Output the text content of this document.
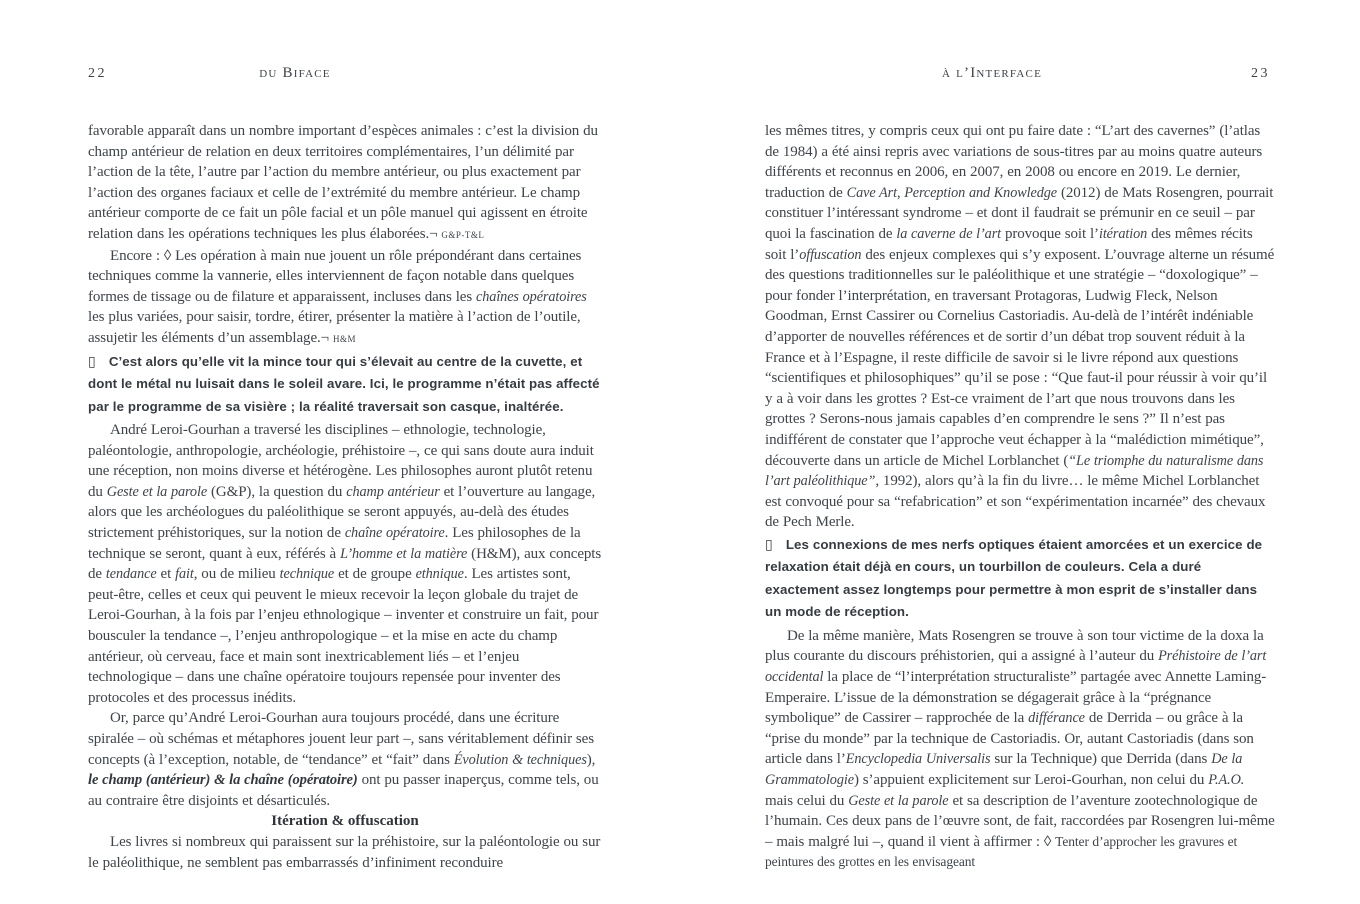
22	du Biface	à l’Interface	23

favorable apparaît dans un nombre important d’espèces animales : c’est la division du champ antérieur de relation en deux territoires complémentaires, l’un délimité par l’action de la tête, l’autre par l’action du membre antérieur, ou plus exactement par l’action des organes faciaux et celle de l’extrémité du membre antérieur. Le champ antérieur comporte de ce fait un pôle facial et un pôle manuel qui agissent en étroite relation dans les opérations techniques les plus élaborées.¬ G&P-T&L

Encore : ◊ Les opération à main nue jouent un rôle prépondérant dans certaines techniques comme la vannerie, elles interviennent de façon notable dans quelques formes de tissage ou de filature et apparaissent, incluses dans les chaînes opératoires les plus variées, pour saisir, tordre, étirer, présenter la matière à l’action de l’outile, assujetir les éléments d’un assemblage.¬ H&M

▯ C’est alors qu’elle vit la mince tour qui s’élevait au centre de la cuvette, et dont le métal nu luisait dans le soleil avare. Ici, le programme n’était pas affecté par le programme de sa visière ; la réalité traversait son casque, inaltérée.

André Leroi-Gourhan a traversé les disciplines – ethnologie, technologie, paléontologie, anthropologie, archéologie, préhistoire –, ce qui sans doute aura induit une réception, non moins diverse et hétérogène. Les philosophes auront plutôt retenu du Geste et la parole (G&P), la question du champ antérieur et l’ouverture au langage, alors que les archéologues du paléolithique se seront appuyés, au-delà des études strictement préhistoriques, sur la notion de chaîne opératoire. Les philosophes de la technique se seront, quant à eux, référés à L’homme et la matière (H&M), aux concepts de tendance et fait, ou de milieu technique et de groupe ethnique. Les artistes sont, peut-être, celles et ceux qui peuvent le mieux recevoir la leçon globale du trajet de Leroi-Gourhan, à la fois par l’enjeu ethnologique – inventer et construire un fait, pour bousculer la tendance –, l’enjeu anthropologique – et la mise en acte du champ antérieur, où cerveau, face et main sont inextricablement liés – et l’enjeu technologique – dans une chaîne opératoire toujours repensée pour inventer des protocoles et des processus inédits.

Or, parce qu’André Leroi-Gourhan aura toujours procédé, dans une écriture spiralée – où schémas et métaphores jouent leur part –, sans véritablement définir ses concepts (à l’exception, notable, de “tendance” et “fait” dans Évolution & techniques), le champ (antérieur) & la chaîne (opératoire) ont pu passer inaperçus, comme tels, ou au contraire être disjoints et désarticulés.

Itération & offuscation

Les livres si nombreux qui paraissent sur la préhistoire, sur la paléontologie ou sur le paléolithique, ne semblent pas embarrassés d’infiniment reconduire

les mêmes titres, y compris ceux qui ont pu faire date : “L’art des cavernes” (l’atlas de 1984) a été ainsi repris avec variations de sous-titres par au moins quatre auteurs différents et reconnus en 2006, en 2007, en 2008 ou encore en 2019. Le dernier, traduction de Cave Art, Perception and Knowledge (2012) de Mats Rosengren, pourrait constituer l’intéressant syndrome – et dont il faudrait se prémunir en ce seuil – par quoi la fascination de la caverne de l’art provoque soit l’itération des mêmes récits soit l’offuscation des enjeux complexes qui s’y exposent. L’ouvrage alterne un résumé des questions traditionnelles sur le paléolithique et une stratégie – “doxologique” – pour fonder l’interprétation, en traversant Protagoras, Ludwig Fleck, Nelson Goodman, Ernst Cassirer ou Cornelius Castoriadis. Au-delà de l’intérêt indéniable d’apporter de nouvelles références et de sortir d’un débat trop souvent réduit à la France et à l’Espagne, il reste difficile de savoir si le livre répond aux questions “scientifiques et philosophiques” qu’il se pose : “Que faut-il pour réussir à voir qu’il y a à voir dans les grottes ? Est-ce vraiment de l’art que nous trouvons dans les grottes ? Serons-nous jamais capables d’en comprendre le sens ?” Il n’est pas indifférent de constater que l’approche veut échapper à la “malédiction mimétique”, découverte dans un article de Michel Lorblanchet (“Le triomphe du naturalisme dans l’art paléolithique”, 1992), alors qu’à la fin du livre… le même Michel Lorblanchet est convoqué pour sa “refabrication” et son “expérimentation incarnée” des chevaux de Pech Merle.

▯ Les connexions de mes nerfs optiques étaient amorcées et un exercice de relaxation était déjà en cours, un tourbillon de couleurs. Cela a duré exactement assez longtemps pour permettre à mon esprit de s’installer dans un mode de réception.

De la même manière, Mats Rosengren se trouve à son tour victime de la doxa la plus courante du discours préhistorien, qui a assigné à l’auteur du Préhistoire de l’art occidental la place de “l’interprétation structuraliste” partagée avec Annette Laming-Emperaire. L’issue de la démonstration se dégagerait grâce à la “prégnance symbolique” de Cassirer – rapprochée de la différance de Derrida – ou grâce à la “prise du monde” par la technique de Castoriadis. Or, autant Castoriadis (dans son article dans l’Encyclopedia Universalis sur la Technique) que Derrida (dans De la Grammatologie) s’appuient explicitement sur Leroi-Gourhan, non celui du P.A.O. mais celui du Geste et la parole et sa description de l’aventure zootechnologique de l’humain. Ces deux pans de l’œuvre sont, de fait, raccordées par Rosengren lui-même – mais malgré lui –, quand il vient à affirmer : ◊ Tenter d’approcher les gravures et peintures des grottes en les envisageant
